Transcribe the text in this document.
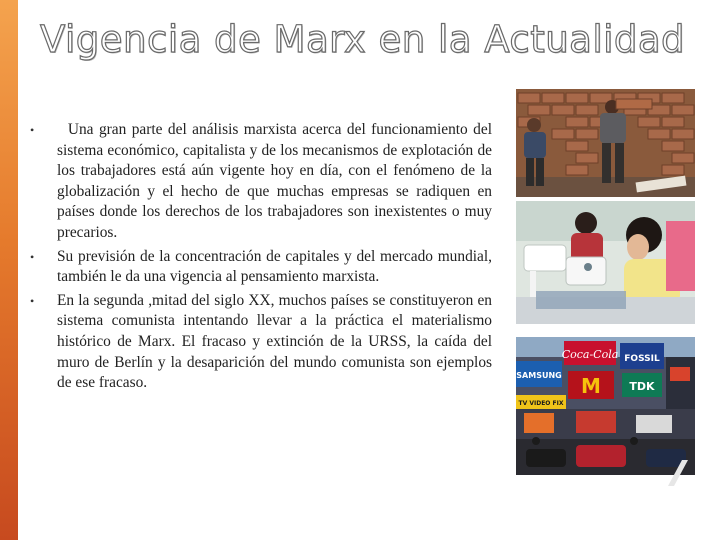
Vigencia de Marx en la Actualidad
• Una gran parte del análisis marxista acerca del funcionamiento del sistema económico, capitalista y de los mecanismos de explotación de los trabajadores está aún vigente hoy en día, con el fenómeno de la globalización y el hecho de que muchas empresas se radiquen en países donde los derechos de los trabajadores son inexistentes o muy precarios.
• Su previsión de la concentración de capitales y del mercado mundial, también le da una vigencia al pensamiento marxista.
• En la segunda ,mitad del siglo XX, muchos países se constituyeron en sistema comunista intentando llevar a la práctica el materialismo histórico de Marx. El fracaso y extinción de la URSS, la caída del muro de Berlín y la desaparición del mundo comunista son ejemplos de ese fracaso.
Coca-Cola FOSSIL
SAMSUNG M	TDK
TV VIDEO FIX
